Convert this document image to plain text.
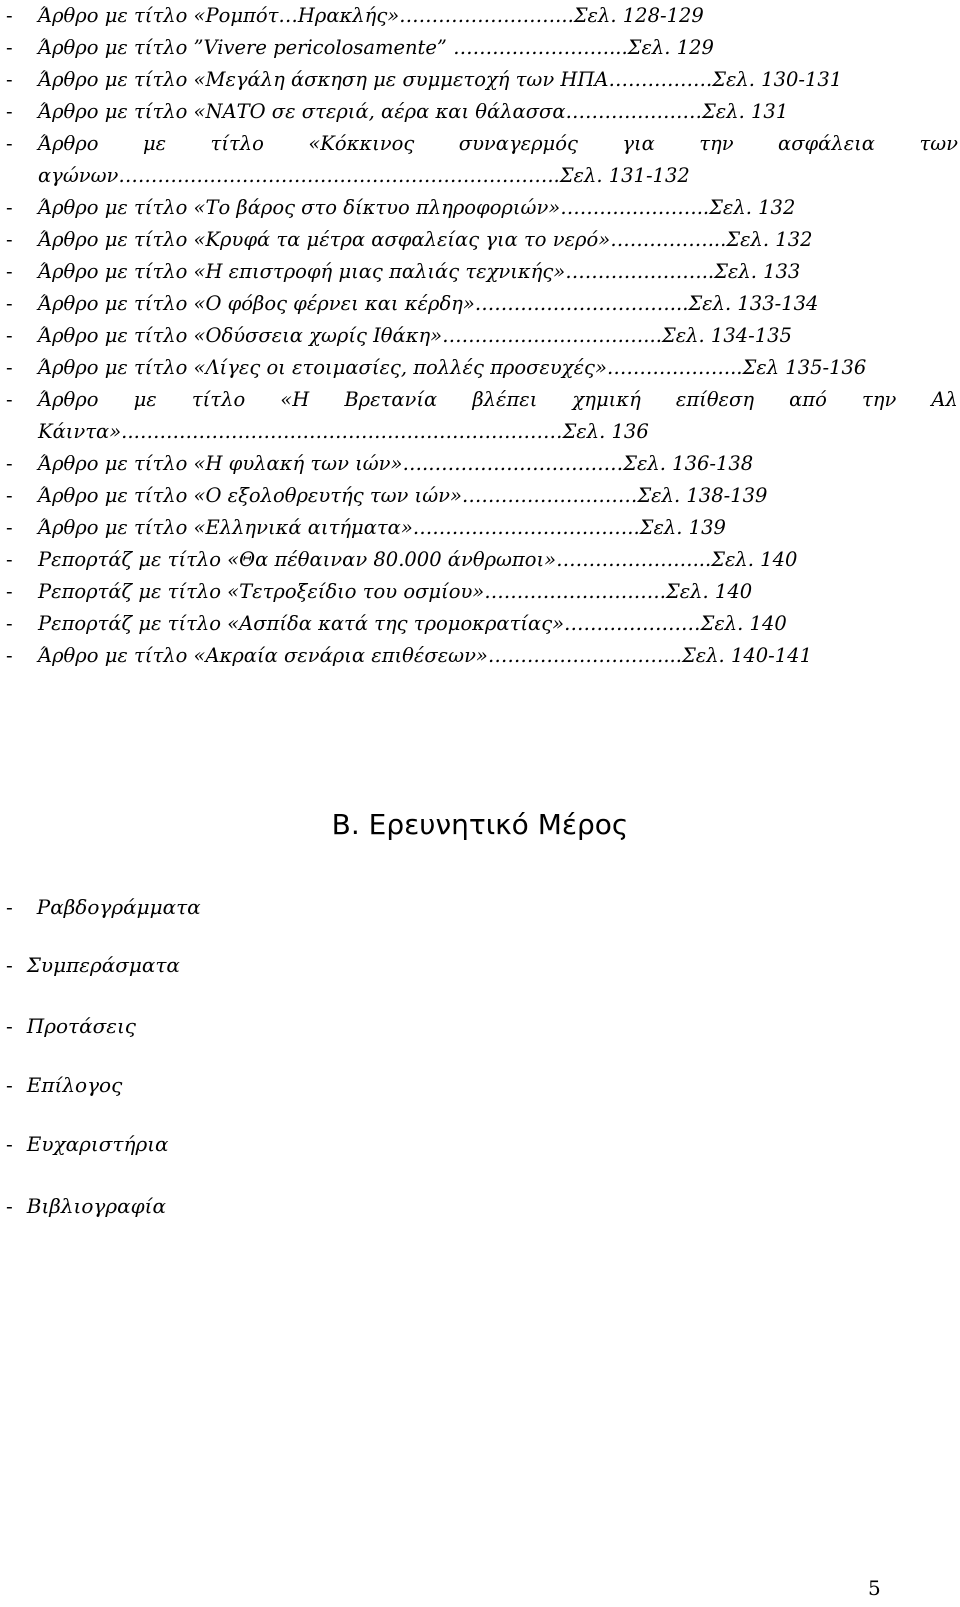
- Άρθρο με τίτλο «Ρομπότ…Ηρακλής»……………………...Σελ. 128-129
- Άρθρο με τίτλο ”Vivere pericolosamente” ……………………...Σελ. 129
- Άρθρο με τίτλο «Μεγάλη άσκηση με συμμετοχή των ΗΠΑ…………….Σελ. 130-131
- Άρθρο με τίτλο «ΝΑΤΟ σε στεριά, αέρα και θάλασσα…………………Σελ. 131
- Άρθρο με τίτλο «Κόκκινος συναγερμός για την ασφάλεια των
αγώνων…………………………………………………………..Σελ. 131-132
- Άρθρο με τίτλο «Το βάρος στο δίκτυο πληροφοριών»…………………..Σελ. 132
- Άρθρο με τίτλο «Κρυφά τα μέτρα ασφαλείας για το νερό»……………...Σελ. 132
- Άρθρο με τίτλο «Η επιστροφή μιας παλιάς τεχνικής»…………………..Σελ. 133
- Άρθρο με τίτλο «Ο φόβος φέρνει και κέρδη»…………………………...Σελ. 133-134
- Άρθρο με τίτλο «Οδύσσεια χωρίς Ιθάκη»……………………….…...Σελ. 134-135
- Άρθρο με τίτλο «Λίγες οι ετοιμασίες, πολλές προσευχές»………………...Σελ 135-136
- Άρθρο με τίτλο «Η Βρετανία βλέπει χημική επίθεση από την Αλ
Κάιντα»..…………………………………………………………Σελ. 136
- Άρθρο με τίτλο «Η φυλακή των ιών»….…………………………Σελ. 136-138
- Άρθρο με τίτλο «Ο εξολοθρευτής των ιών»………………………Σελ. 138-139
- Άρθρο με τίτλο «Ελληνικά αιτήματα»……………………………..Σελ. 139
- Ρεπορτάζ με τίτλο «Θα πέθαιναν 80.000 άνθρωποι»…………………...Σελ. 140
- Ρεπορτάζ με τίτλο «Τετροξείδιο του οσμίου»……………………….Σελ. 140
- Ρεπορτάζ με τίτλο «Ασπίδα κατά της τρομοκρατίας»…………………Σελ. 140
- Άρθρο με τίτλο «Ακραία σενάρια επιθέσεων»………………………...Σελ. 140-141
Β. Ερευνητικό Μέρος
- Ραβδογράμματα
- Συμπεράσματα
- Προτάσεις
- Επίλογος
- Ευχαριστήρια
- Βιβλιογραφία
5
